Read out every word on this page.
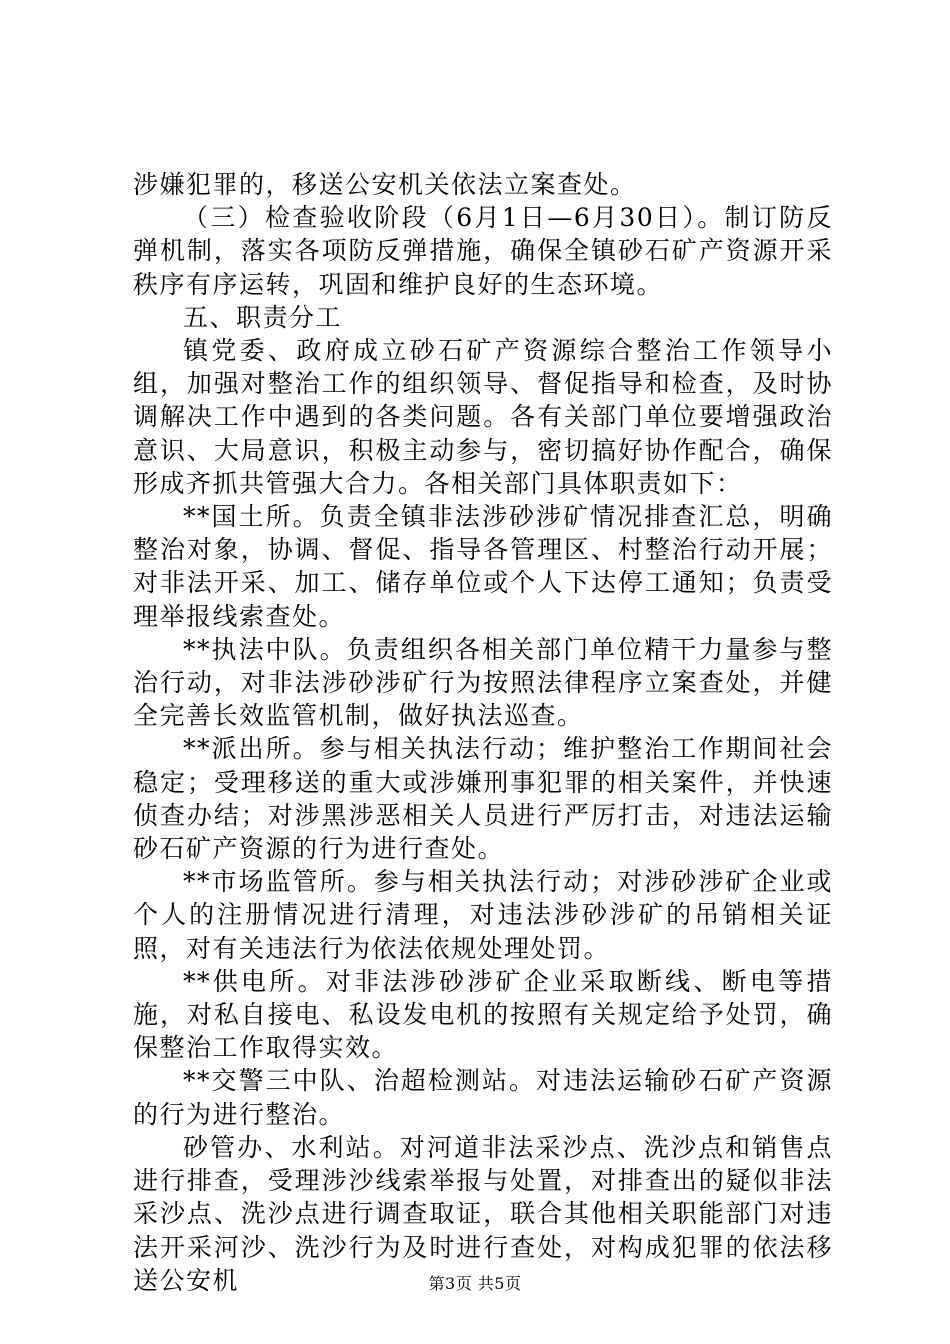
涉嫌犯罪的，移送公安机关依法立案查处。

（三）检查验收阶段（6月1日—6月30日）。制订防反弹机制，落实各项防反弹措施，确保全镇砂石矿产资源开采秩序有序运转，巩固和维护良好的生态环境。

五、职责分工

镇党委、政府成立砂石矿产资源综合整治工作领导小组，加强对整治工作的组织领导、督促指导和检查，及时协调解决工作中遇到的各类问题。各有关部门单位要增强政治意识、大局意识，积极主动参与，密切搞好协作配合，确保形成齐抓共管强大合力。各相关部门具体职责如下：

**国土所。负责全镇非法涉砂涉矿情况排查汇总，明确整治对象，协调、督促、指导各管理区、村整治行动开展；对非法开采、加工、储存单位或个人下达停工通知；负责受理举报线索查处。

**执法中队。负责组织各相关部门单位精干力量参与整治行动，对非法涉砂涉矿行为按照法律程序立案查处，并健全完善长效监管机制，做好执法巡查。

**派出所。参与相关执法行动；维护整治工作期间社会稳定；受理移送的重大或涉嫌刑事犯罪的相关案件，并快速侦查办结；对涉黑涉恶相关人员进行严厉打击，对违法运输砂石矿产资源的行为进行查处。

**市场监管所。参与相关执法行动；对涉砂涉矿企业或个人的注册情况进行清理，对违法涉砂涉矿的吊销相关证照，对有关违法行为依法依规处理处罚。

**供电所。对非法涉砂涉矿企业采取断线、断电等措施，对私自接电、私设发电机的按照有关规定给予处罚，确保整治工作取得实效。

**交警三中队、治超检测站。对违法运输砂石矿产资源的行为进行整治。

砂管办、水利站。对河道非法采沙点、洗沙点和销售点进行排查，受理涉沙线索举报与处置，对排查出的疑似非法采沙点、洗沙点进行调查取证，联合其他相关职能部门对违法开采河沙、洗沙行为及时进行查处，对构成犯罪的依法移送公安机	第3页 共5页
